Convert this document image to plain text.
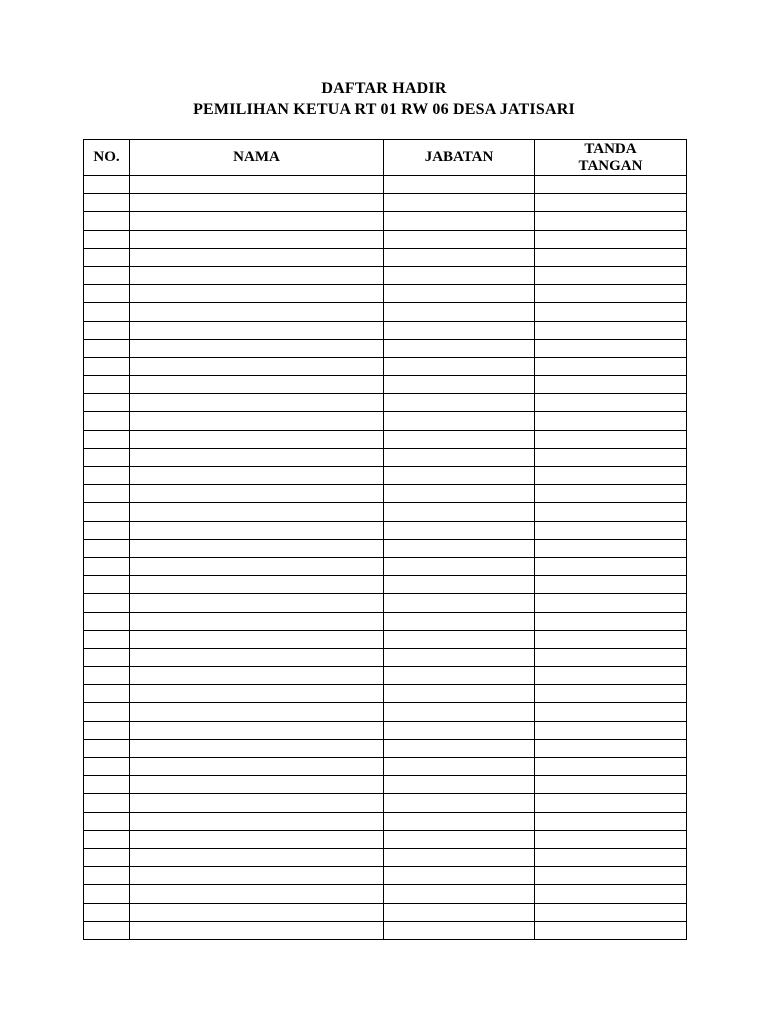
DAFTAR HADIR
PEMILIHAN KETUA RT 01 RW 06 DESA JATISARI
NO.	NAMA	JABATAN	TANDA
TANGAN
